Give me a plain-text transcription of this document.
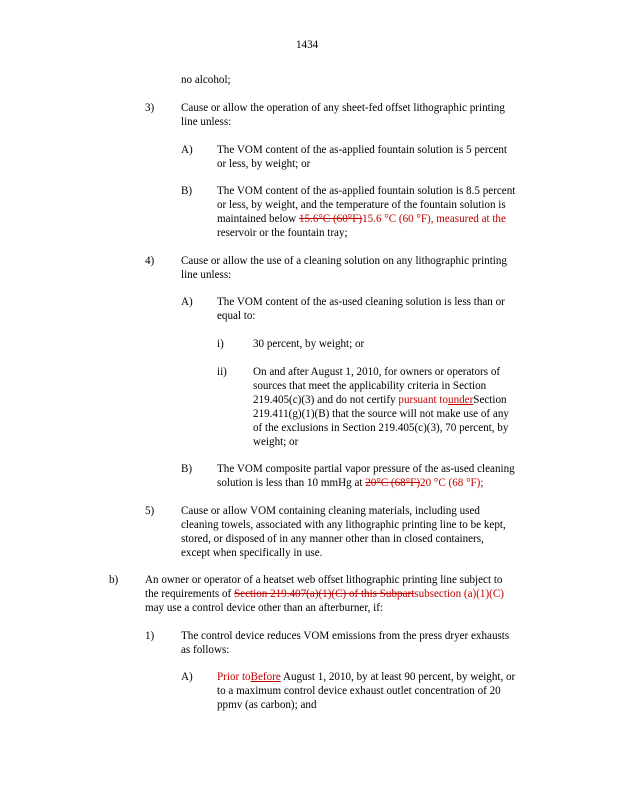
1434
no alcohol;
3) Cause or allow the operation of any sheet-fed offset lithographic printing
line unless:
A) The VOM content of the as-applied fountain solution is 5 percent
or less, by weight; or
B) The VOM content of the as-applied fountain solution is 8.5 percent
or less, by weight, and the temperature of the fountain solution is
maintained below 15.6°C (60°F)15.6 °C (60 °F), measured at the
reservoir or the fountain tray;
4) Cause or allow the use of a cleaning solution on any lithographic printing
line unless:
A) The VOM content of the as-used cleaning solution is less than or
equal to:
i)	30 percent, by weight; or
ii) On and after August 1, 2010, for owners or operators of
sources that meet the applicability criteria in Section
219.405(c)(3) and do not certify pursuant tounderSection
219.411(g)(1)(B) that the source will not make use of any
of the exclusions in Section 219.405(c)(3), 70 percent, by
weight; or
B) The VOM composite partial vapor pressure of the as-used cleaning
solution is less than 10 mmHg at 20°C (68°F)20 °C (68 °F);
5) Cause or allow VOM containing cleaning materials, including used
cleaning towels, associated with any lithographic printing line to be kept,
stored, or disposed of in any manner other than in closed containers,
except when specifically in use.
b) An owner or operator of a heatset web offset lithographic printing line subject to
the requirements of Section 219.407(a)(1)(C) of this Subpartsubsection (a)(1)(C)
may use a control device other than an afterburner, if:
1) The control device reduces VOM emissions from the press dryer exhausts
as follows:
A) Prior toBefore August 1, 2010, by at least 90 percent, by weight, or
to a maximum control device exhaust outlet concentration of 20
ppmv (as carbon); and
